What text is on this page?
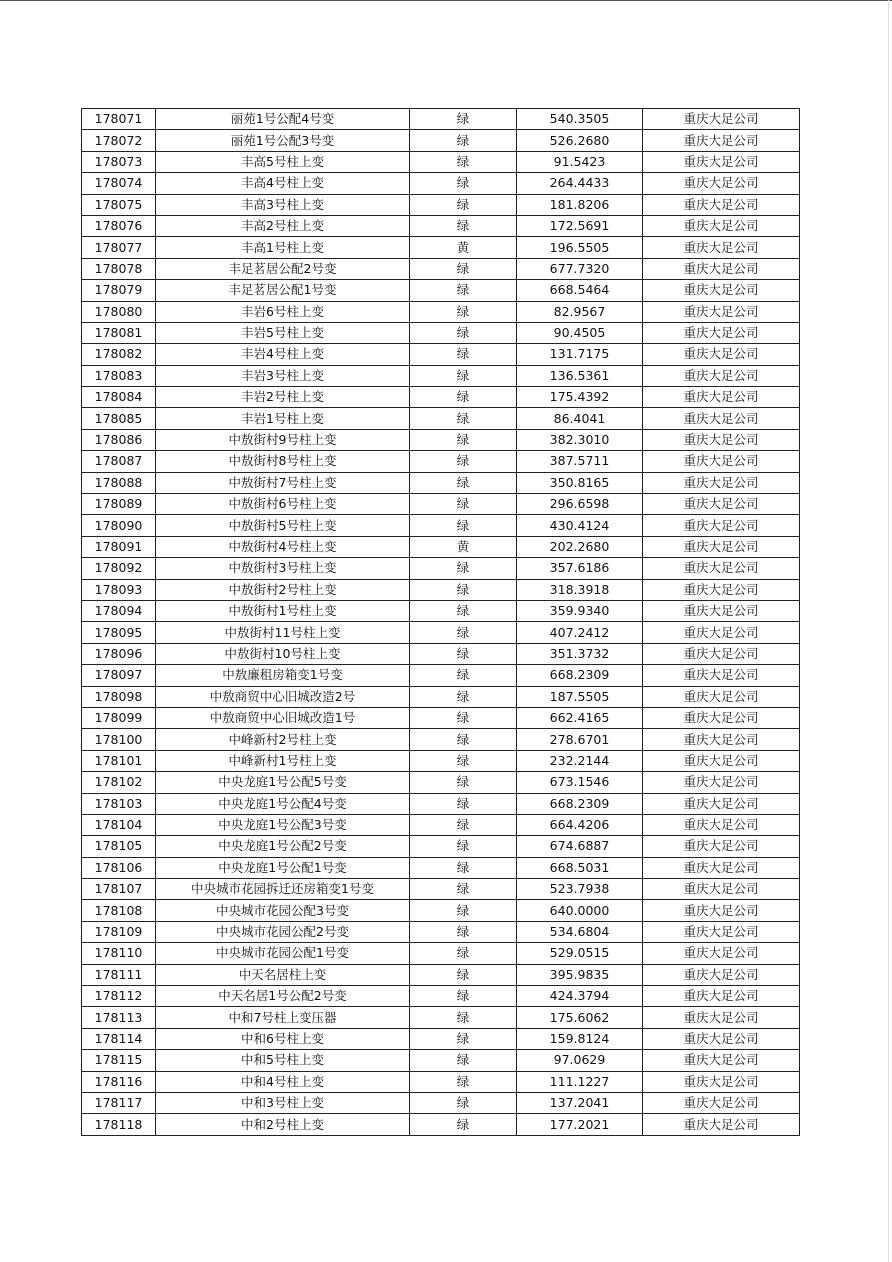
178071	丽苑1号公配4号变	绿	540.3505	重庆大足公司
178072	丽苑1号公配3号变	绿	526.2680	重庆大足公司
178073	丰高5号柱上变	绿	91.5423	重庆大足公司
178074	丰高4号柱上变	绿	264.4433	重庆大足公司
178075	丰高3号柱上变	绿	181.8206	重庆大足公司
178076	丰高2号柱上变	绿	172.5691	重庆大足公司
178077	丰高1号柱上变	黄	196.5505	重庆大足公司
178078	丰足茗居公配2号变	绿	677.7320	重庆大足公司
178079	丰足茗居公配1号变	绿	668.5464	重庆大足公司
178080	丰岩6号柱上变	绿	82.9567	重庆大足公司
178081	丰岩5号柱上变	绿	90.4505	重庆大足公司
178082	丰岩4号柱上变	绿	131.7175	重庆大足公司
178083	丰岩3号柱上变	绿	136.5361	重庆大足公司
178084	丰岩2号柱上变	绿	175.4392	重庆大足公司
178085	丰岩1号柱上变	绿	86.4041	重庆大足公司
178086	中敖街村9号柱上变	绿	382.3010	重庆大足公司
178087	中敖街村8号柱上变	绿	387.5711	重庆大足公司
178088	中敖街村7号柱上变	绿	350.8165	重庆大足公司
178089	中敖街村6号柱上变	绿	296.6598	重庆大足公司
178090	中敖街村5号柱上变	绿	430.4124	重庆大足公司
178091	中敖街村4号柱上变	黄	202.2680	重庆大足公司
178092	中敖街村3号柱上变	绿	357.6186	重庆大足公司
178093	中敖街村2号柱上变	绿	318.3918	重庆大足公司
178094	中敖街村1号柱上变	绿	359.9340	重庆大足公司
178095	中敖街村11号柱上变	绿	407.2412	重庆大足公司
178096	中敖街村10号柱上变	绿	351.3732	重庆大足公司
178097	中敖廉租房箱变1号变	绿	668.2309	重庆大足公司
178098	中敖商贸中心旧城改造2号	绿	187.5505	重庆大足公司
178099	中敖商贸中心旧城改造1号	绿	662.4165	重庆大足公司
178100	中峰新村2号柱上变	绿	278.6701	重庆大足公司
178101	中峰新村1号柱上变	绿	232.2144	重庆大足公司
178102	中央龙庭1号公配5号变	绿	673.1546	重庆大足公司
178103	中央龙庭1号公配4号变	绿	668.2309	重庆大足公司
178104	中央龙庭1号公配3号变	绿	664.4206	重庆大足公司
178105	中央龙庭1号公配2号变	绿	674.6887	重庆大足公司
178106	中央龙庭1号公配1号变	绿	668.5031	重庆大足公司
178107	中央城市花园拆迁还房箱变1号变	绿	523.7938	重庆大足公司
178108	中央城市花园公配3号变	绿	640.0000	重庆大足公司
178109	中央城市花园公配2号变	绿	534.6804	重庆大足公司
178110	中央城市花园公配1号变	绿	529.0515	重庆大足公司
178111	中天名居柱上变	绿	395.9835	重庆大足公司
178112	中天名居1号公配2号变	绿	424.3794	重庆大足公司
178113	中和7号柱上变压器	绿	175.6062	重庆大足公司
178114	中和6号柱上变	绿	159.8124	重庆大足公司
178115	中和5号柱上变	绿	97.0629	重庆大足公司
178116	中和4号柱上变	绿	111.1227	重庆大足公司
178117	中和3号柱上变	绿	137.2041	重庆大足公司
178118	中和2号柱上变	绿	177.2021	重庆大足公司
